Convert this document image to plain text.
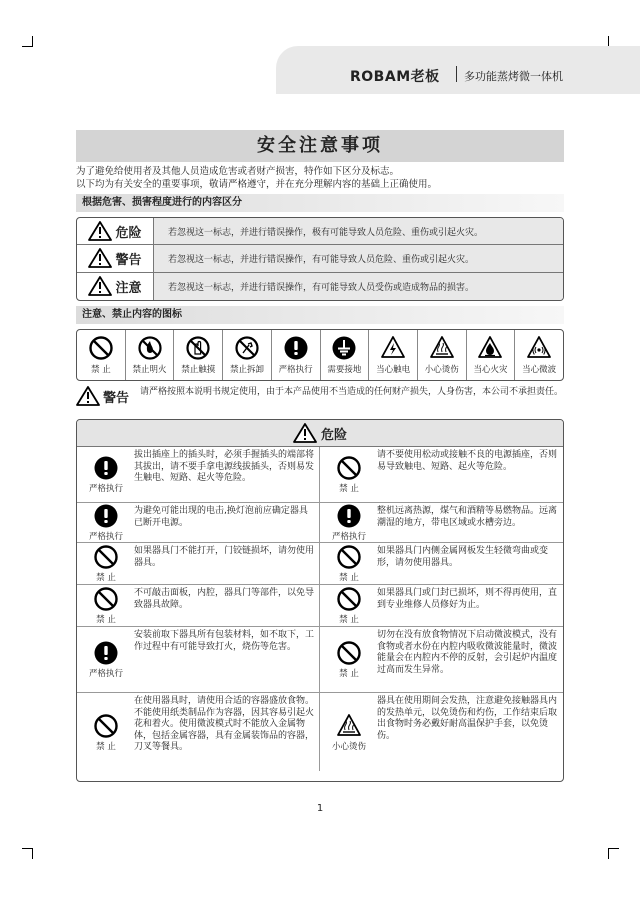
ROBAM老板 多功能蒸烤微一体机
安全注意事项
为了避免给使用者及其他人员造成危害或者财产损害，特作如下区分及标志。
以下均为有关安全的重要事项，敬请严格遵守，并在充分理解内容的基础上正确使用。
根据危害、损害程度进行的内容区分
危险	若忽视这一标志，并进行错误操作，极有可能导致人员危险、重伤或引起火灾。
警告	若忽视这一标志，并进行错误操作，有可能导致人员危险、重伤或引起火灾。
注意	若忽视这一标志，并进行错误操作，有可能导致人员受伤或造成物品的损害。
注意、禁止内容的图标
禁 止	禁止明火 禁止触摸 禁止拆卸 严格执行 需要接地 当心触电 小心烫伤 当心火灾 当心微波
警告 请严格按照本说明书规定使用，由于本产品使用不当造成的任何财产损失，人身伤害，本公司不承担责任。
危险
严格执行
拔出插座上的插头时，必须手握插头的端部将其拔出，请不要手拿电源线拔插头，否则易发生触电、短路、起火等危险。
禁 止
请不要使用松动或接触不良的电源插座，否则易导致触电、短路、起火等危险。
严格执行
为避免可能出现的电击,换灯泡前应确定器具已断开电源。
严格执行
整机远离热源，煤气和酒精等易燃物品。远离潮湿的地方，带电区域或水槽旁边。
禁 止
如果器具门不能打开，门铰链损坏，请勿使用器具。
禁 止
如果器具门内侧金属网板发生轻微弯曲或变形，请勿使用器具。
禁 止
不可敲击面板，内腔，器具门等部件，以免导致器具故障。
禁 止
如果器具门或门封已损坏，则不得再使用，直到专业维修人员修好为止。
严格执行
安装前取下器具所有包装材料，如不取下，工作过程中有可能导致打火，烧伤等危害。
禁 止
切勿在没有放食物情况下启动微波模式，没有食物或者水份在内腔内吸收微波能量时，微波能量会在内腔内不停的反射，会引起炉内温度过高而发生异常。
禁 止
在使用器具时，请使用合适的容器盛放食物。不能使用纸类制品作为容器，因其容易引起火花和着火。使用微波模式时不能放入金属物体，包括金属容器，具有金属装饰品的容器，刀叉等餐具。	小心烫伤
器具在使用期间会发热，注意避免接触器具内的发热单元，以免烫伤和灼伤，工作结束后取出食物时务必戴好耐高温保护手套，以免烫伤。
1
